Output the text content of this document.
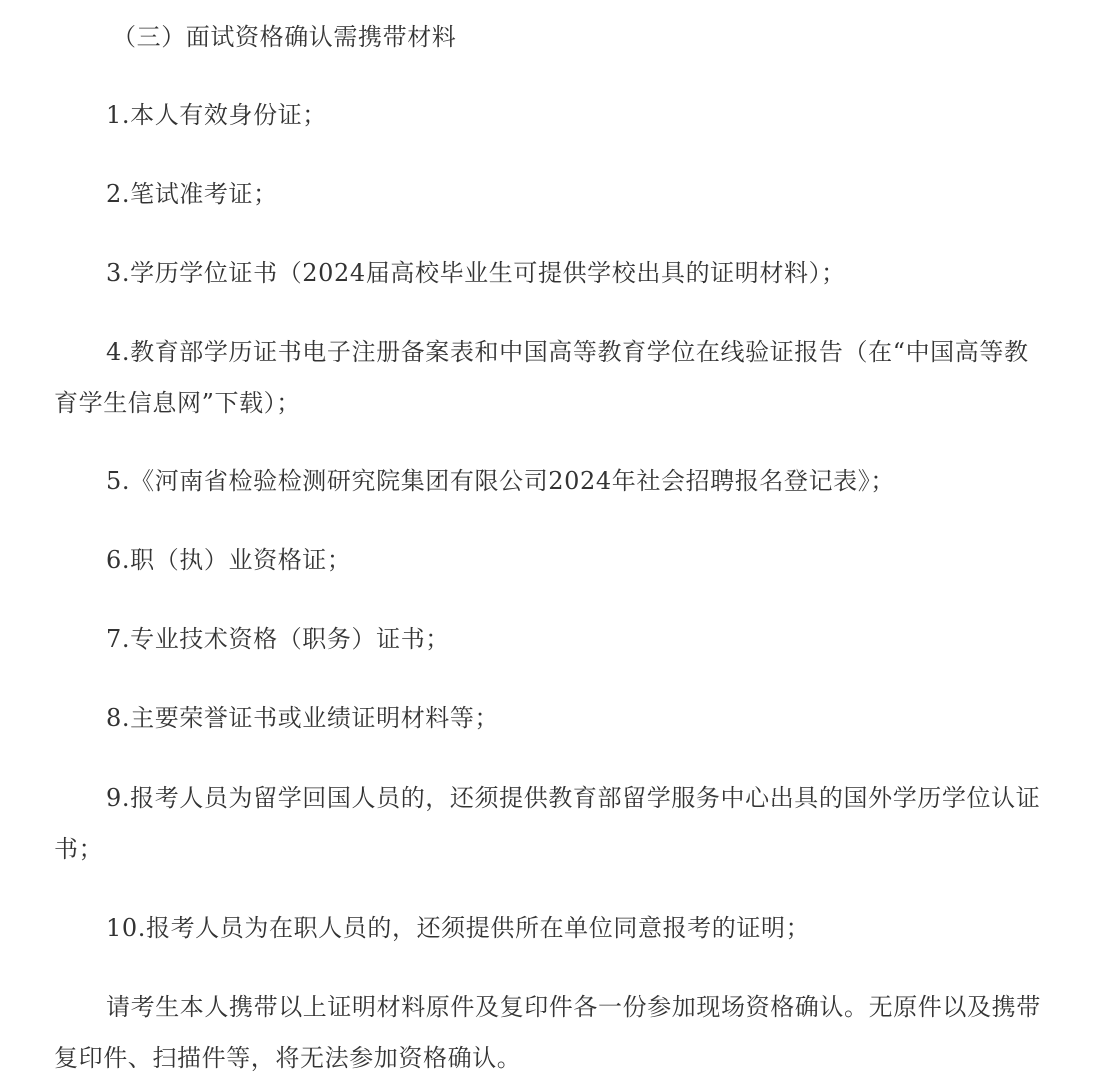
（三）面试资格确认需携带材料

1.本人有效身份证；

2.笔试准考证；

3.学历学位证书（2024届高校毕业生可提供学校出具的证明材料）；

4.教育部学历证书电子注册备案表和中国高等教育学位在线验证报告（在“中国高等教育学生信息网”下载）；

5.《河南省检验检测研究院集团有限公司2024年社会招聘报名登记表》；

6.职（执）业资格证；

7.专业技术资格（职务）证书；

8.主要荣誉证书或业绩证明材料等；

9.报考人员为留学回国人员的，还须提供教育部留学服务中心出具的国外学历学位认证书；

10.报考人员为在职人员的，还须提供所在单位同意报考的证明；

请考生本人携带以上证明材料原件及复印件各一份参加现场资格确认。无原件以及携带复印件、扫描件等，将无法参加资格确认。
